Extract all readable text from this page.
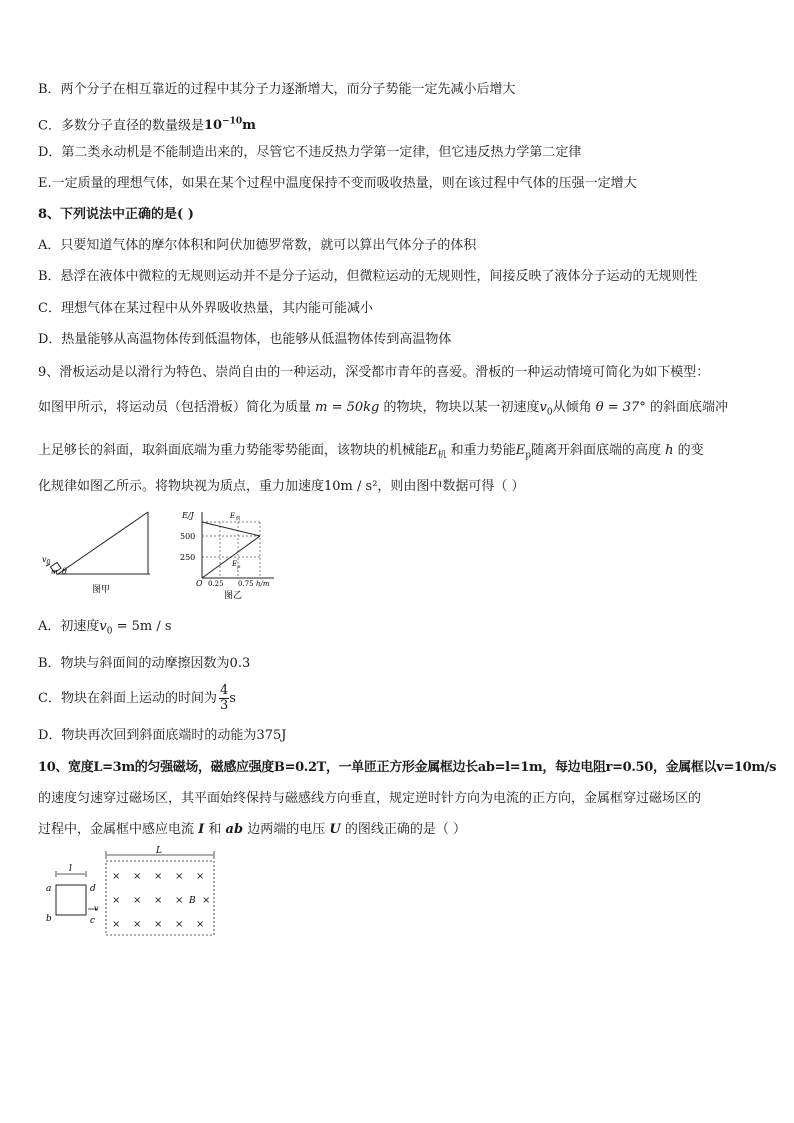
B．两个分子在相互靠近的过程中其分子力逐渐增大，而分子势能一定先减小后增大
C．多数分子直径的数量级是$10^{-10}m$
D．第二类永动机是不能制造出来的，尽管它不违反热力学第一定律，但它违反热力学第二定律
E.一定质量的理想气体，如果在某个过程中温度保持不变而吸收热量，则在该过程中气体的压强一定增大
8、下列说法中正确的是( )
A．只要知道气体的摩尔体积和阿伏加德罗常数，就可以算出气体分子的体积
B．悬浮在液体中微粒的无规则运动并不是分子运动，但微粒运动的无规则性，间接反映了液体分子运动的无规则性
C．理想气体在某过程中从外界吸收热量，其内能可能减小
D．热量能够从高温物体传到低温物体，也能够从低温物体传到高温物体
9、滑板运动是以滑行为特色、崇尚自由的一种运动，深受都市青年的喜爱。滑板的一种运动情境可简化为如下模型：
如图甲所示，将运动员（包括滑板）简化为质量 m = 50kg 的物块，物块以某一初速度$v_0$从倾角 θ = 37° 的斜面底端冲
上足够长的斜面，取斜面底端为重力势能零势能面，该物块的机械能$E_机$ 和重力势能$E_p$随离开斜面底端的高度 h 的变
化规律如图乙所示。将物块视为质点，重力加速度10m / s²，则由图中数据可得（ ）
$v_0$
m θ
图甲
E/J
500
250
$E_机$
$E_p$
O 0.25 0.75 h/m
图乙
A．初速度$v_0 = 5m / s$
B．物块与斜面间的动摩擦因数为0.3
C．物块在斜面上运动的时间为 $\frac{4}{3}$ s
D．物块再次回到斜面底端时的动能为375J
10、宽度L=3m的匀强磁场，磁感应强度B=0.2T，一单匝正方形金属框边长ab=l=1m，每边电阻r=0.50，金属框以v=10m/s
的速度匀速穿过磁场区，其平面始终保持与磁感线方向垂直，规定逆时针方向为电流的正方向，金属框穿过磁场区的
过程中，金属框中感应电流 I 和 ab 边两端的电压 U 的图线正确的是（ ）
l
a
b	c
d
v
L
× × × × ×
× × × × ×
× × × × ×
B
